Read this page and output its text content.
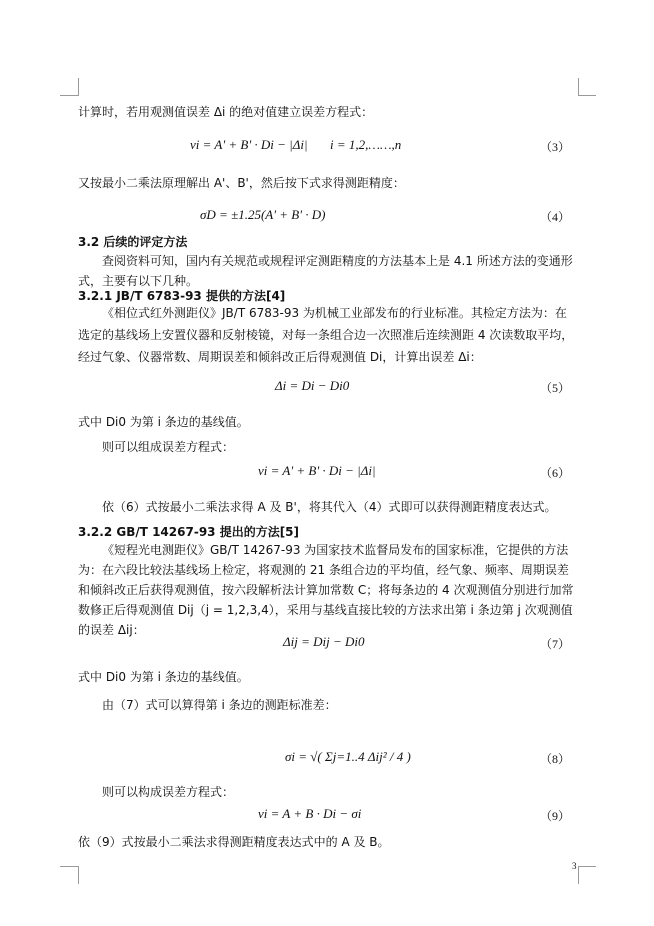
计算时，若用观测值误差 Δi 的绝对值建立误差方程式：

vi = A' + B' · Di − |Δi| i = 1,2,……,n	（3）

又按最小二乘法原理解出 A'、B'，然后按下式求得测距精度：

σD = ±1.25(A' + B' · D)	（4）
3.2 后续的评定方法

查阅资料可知，国内有关规范或规程评定测距精度的方法基本上是 4.1 所述方法的变通形式，主要有以下几种。

3.2.1 JB/T 6783-93 提供的方法[4]

《相位式红外测距仪》JB/T 6783-93 为机械工业部发布的行业标准。其检定方法为：在选定的基线场上安置仪器和反射棱镜，对每一条组合边一次照准后连续测距 4 次读数取平均，经过气象、仪器常数、周期误差和倾斜改正后得观测值 Di，计算出误差 Δi：

Δi = Di − Di0	（5）

式中 Di0 为第 i 条边的基线值。

则可以组成误差方程式：

vi = A' + B' · Di − |Δi|	（6）

依（6）式按最小二乘法求得 A 及 B'，将其代入（4）式即可以获得测距精度表达式。

3.2.2 GB/T 14267-93 提出的方法[5]

《短程光电测距仪》GB/T 14267-93 为国家技术监督局发布的国家标准，它提供的方法为：在六段比较法基线场上检定，将观测的 21 条组合边的平均值，经气象、频率、周期误差和倾斜改正后获得观测值，按六段解析法计算加常数 C；将每条边的 4 次观测值分别进行加常数修正后得观测值 Dij（j = 1,2,3,4），采用与基线直接比较的方法求出第 i 条边第 j 次观测值的误差 Δij：

Δij = Dij − Di0	（7）

式中 Di0 为第 i 条边的基线值。

由（7）式可以算得第 i 条边的测距标准差：

σi = √( Σj=1..4 Δij² / 4 )	（8）

则可以构成误差方程式：

vi = A + B · Di − σi	（9）

依（9）式按最小二乘法求得测距精度表达式中的 A 及 B。

3
